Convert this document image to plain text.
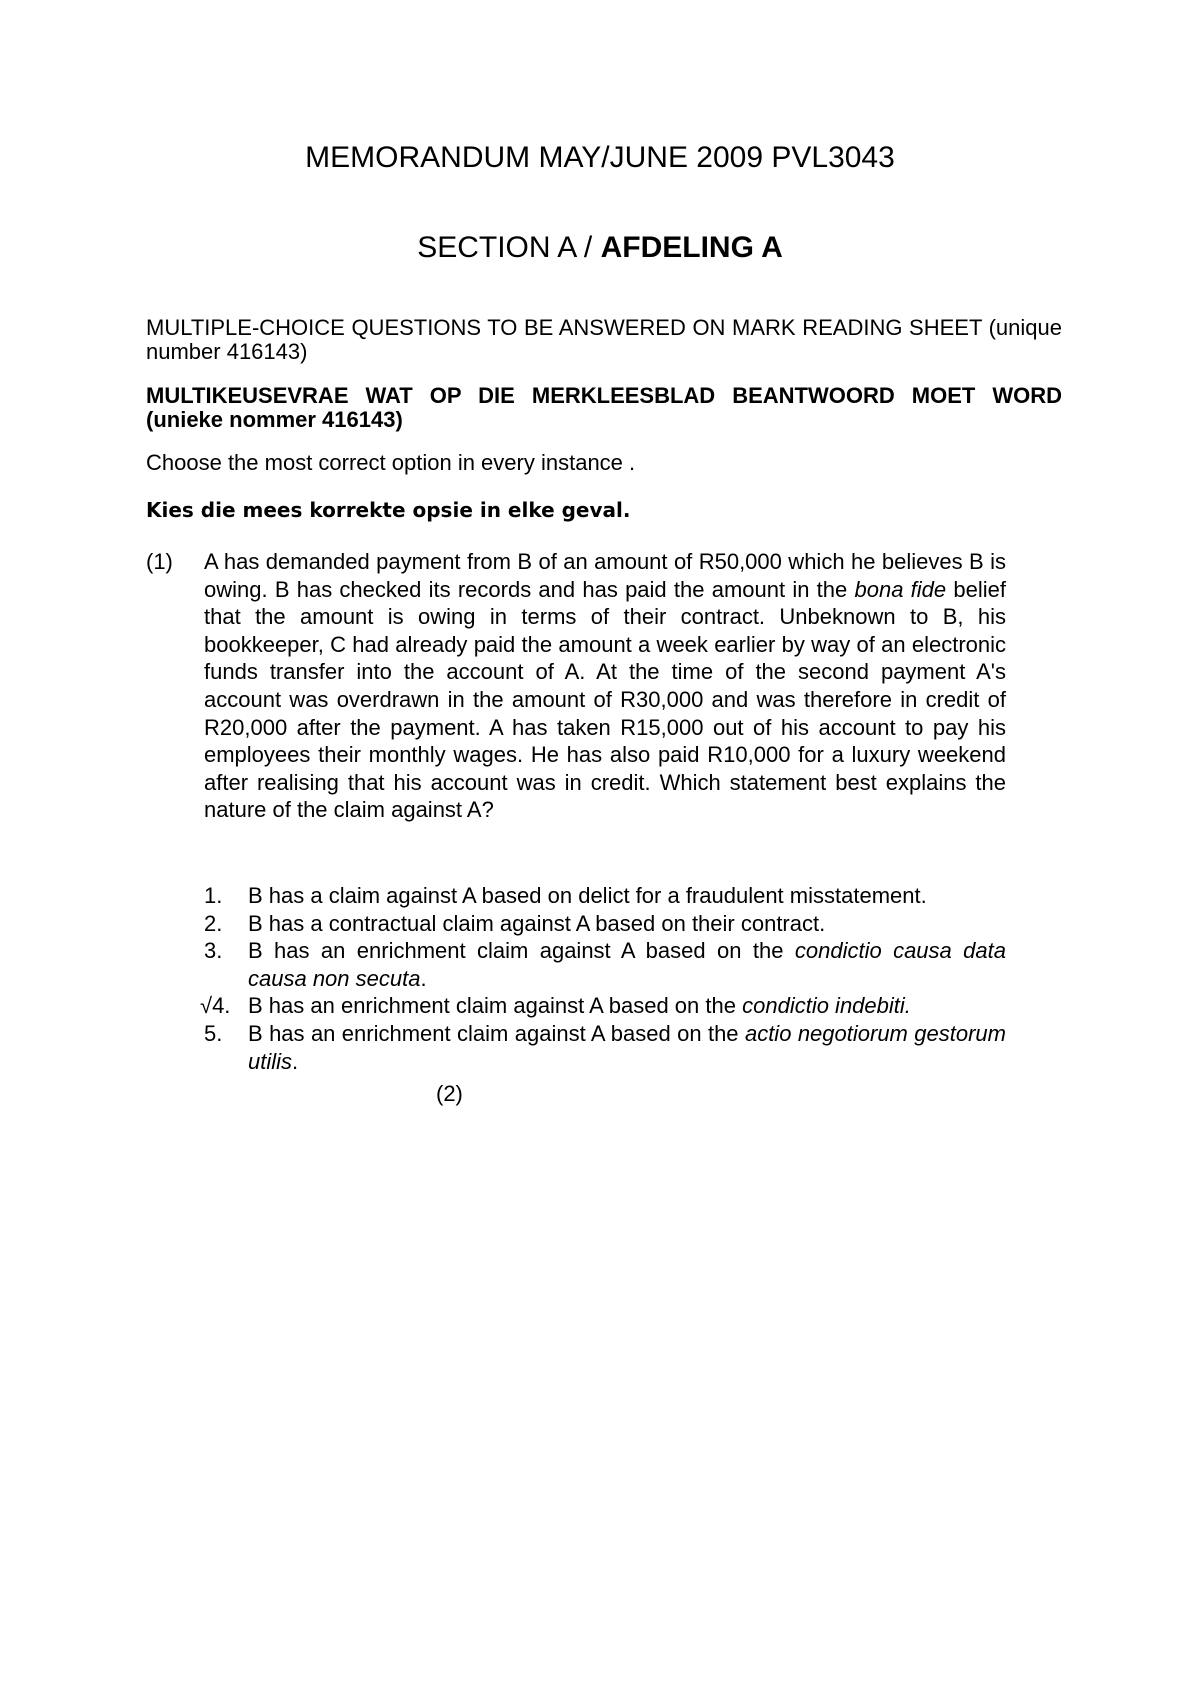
MEMORANDUM MAY/JUNE 2009 PVL3043
SECTION A / AFDELING A
MULTIPLE-CHOICE QUESTIONS TO BE ANSWERED ON MARK READING SHEET (unique number 416143)
MULTIKEUSEVRAE WAT OP DIE MERKLEESBLAD BEANTWOORD MOET WORD (unieke nommer 416143)
Choose the most correct option in every instance .
Kies die mees korrekte opsie in elke geval.
(1) A has demanded payment from B of an amount of R50,000 which he believes B is owing. B has checked its records and has paid the amount in the bona fide belief that the amount is owing in terms of their contract. Unbeknown to B, his bookkeeper, C had already paid the amount a week earlier by way of an electronic funds transfer into the account of A. At the time of the second payment A's account was overdrawn in the amount of R30,000 and was therefore in credit of R20,000 after the payment. A has taken R15,000 out of his account to pay his employees their monthly wages. He has also paid R10,000 for a luxury weekend after realising that his account was in credit. Which statement best explains the nature of the claim against A?
1. B has a claim against A based on delict for a fraudulent misstatement.
2. B has a contractual claim against A based on their contract.
3. B has an enrichment claim against A based on the condictio causa data causa non secuta.
√4. B has an enrichment claim against A based on the condictio indebiti.
5. B has an enrichment claim against A based on the actio negotiorum gestorum utilis.
(2)
